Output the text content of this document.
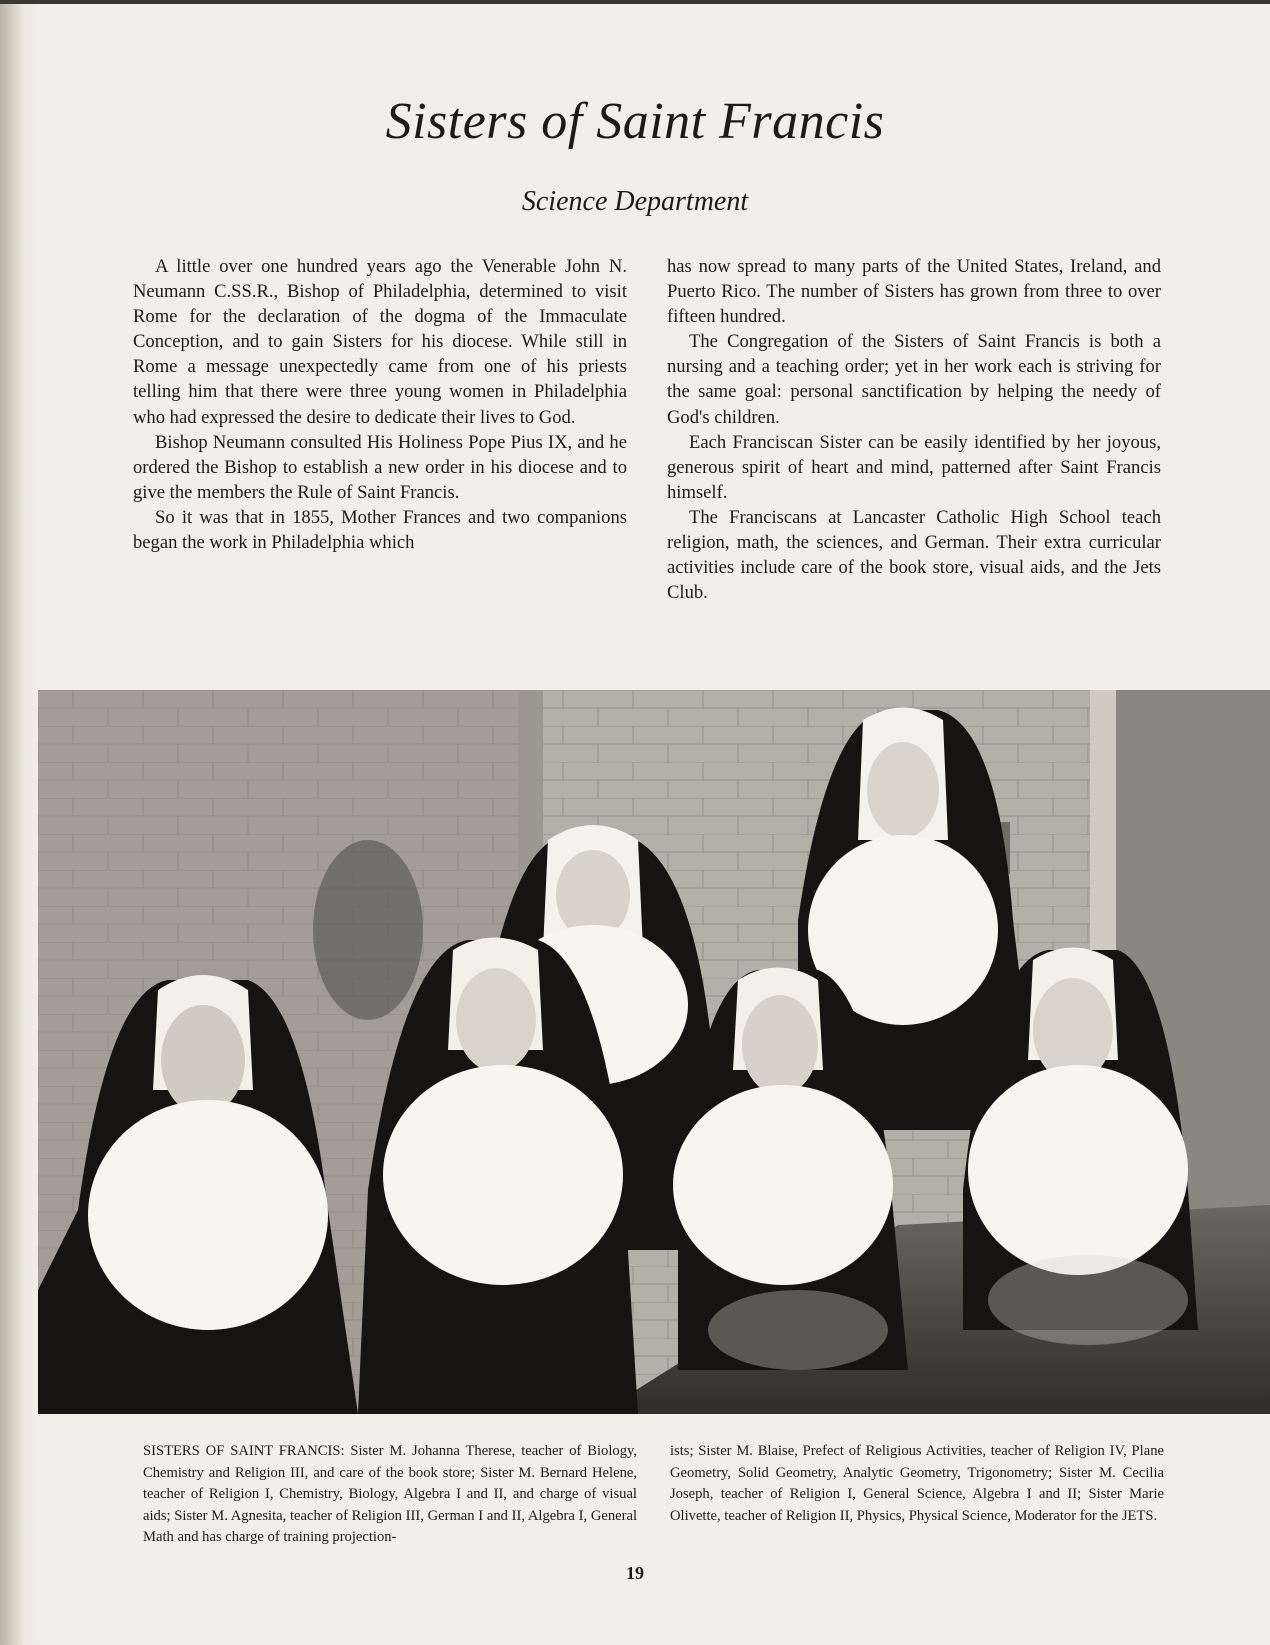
Sisters of Saint Francis
Science Department

A little over one hundred years ago the Venerable John N. Neumann C.SS.R., Bishop of Philadelphia, determined to visit Rome for the declaration of the dogma of the Immaculate Conception, and to gain Sisters for his diocese. While still in Rome a message unexpectedly came from one of his priests telling him that there were three young women in Philadelphia who had expressed the desire to dedicate their lives to God.

Bishop Neumann consulted His Holiness Pope Pius IX, and he ordered the Bishop to establish a new order in his diocese and to give the members the Rule of Saint Francis.

So it was that in 1855, Mother Frances and two companions began the work in Philadelphia which

has now spread to many parts of the United States, Ireland, and Puerto Rico. The number of Sisters has grown from three to over fifteen hundred.

The Congregation of the Sisters of Saint Francis is both a nursing and a teaching order; yet in her work each is striving for the same goal: personal sanctification by helping the needy of God's children.

Each Franciscan Sister can be easily identified by her joyous, generous spirit of heart and mind, patterned after Saint Francis himself.

The Franciscans at Lancaster Catholic High School teach religion, math, the sciences, and German. Their extra curricular activities include care of the book store, visual aids, and the Jets Club.

SISTERS OF SAINT FRANCIS: Sister M. Johanna Therese, teacher of Biology, Chemistry and Religion III, and care of the book store; Sister M. Bernard Helene, teacher of Religion I, Chemistry, Biology, Algebra I and II, and charge of visual aids; Sister M. Agnesita, teacher of Religion III, German I and II, Algebra I, General Math and has charge of training projection-
ists; Sister M. Blaise, Prefect of Religious Activities, teacher of Religion IV, Plane Geometry, Solid Geometry, Analytic Geometry, Trigonometry; Sister M. Cecilia Joseph, teacher of Religion I, General Science, Algebra I and II; Sister Marie Olivette, teacher of Religion II, Physics, Physical Science, Moderator for the JETS.
19
